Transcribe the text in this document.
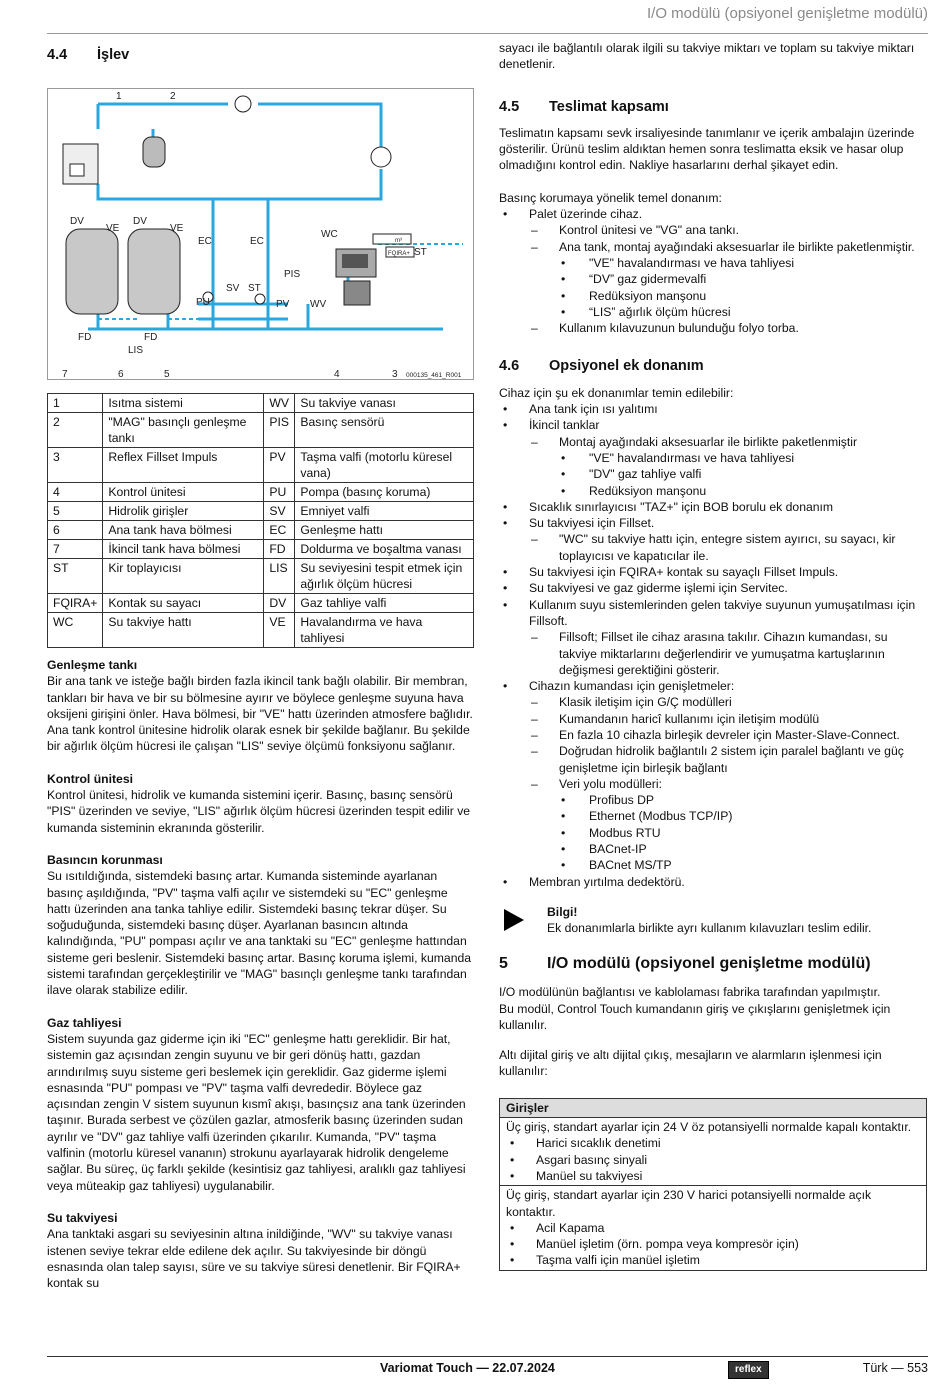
I/O modülü (opsiyonel genişletme modülü)
4.4 İşlev
1	2
DV
VE
DV
VE
EC	EC
WC
PIS
SV ST
PU	PV WV
FD	FD
LIS
FQIRA+ ST
m³
7	6	5	4	3 000135_461_R001
1	Isıtma sistemi	WV	Su takviye vanası
2	"MAG" basınçlı genleşme tankı	PIS	Basınç sensörü
3	Reflex Fillset Impuls	PV	Taşma valfi (motorlu küresel vana)
4	Kontrol ünitesi	PU	Pompa (basınç koruma)
5	Hidrolik girişler	SV	Emniyet valfi
6	Ana tank hava bölmesi	EC	Genleşme hattı
7	İkincil tank hava bölmesi	FD	Doldurma ve boşaltma vanası
ST	Kir toplayıcısı	LIS	Su seviyesini tespit etmek için ağırlık ölçüm hücresi
FQIRA+	Kontak su sayacı	DV	Gaz tahliye valfi
WC	Su takviye hattı	VE	Havalandırma ve hava tahliyesi

Genleşme tankı

Bir ana tank ve isteğe bağlı birden fazla ikincil tank bağlı olabilir. Bir membran, tankları bir hava ve bir su bölmesine ayırır ve böylece genleşme suyuna hava oksijeni girişini önler. Hava bölmesi, bir "VE" hattı üzerinden atmosfere bağlıdır. Ana tank kontrol ünitesine hidrolik olarak esnek bir şekilde bağlanır. Bu şekilde bir ağırlık ölçüm hücresi ile çalışan "LIS" seviye ölçümü fonksiyonu sağlanır.

Kontrol ünitesi

Kontrol ünitesi, hidrolik ve kumanda sistemini içerir. Basınç, basınç sensörü "PIS" üzerinden ve seviye, "LIS" ağırlık ölçüm hücresi üzerinden tespit edilir ve kumanda sisteminin ekranında gösterilir.

Basıncın korunması

Su ısıtıldığında, sistemdeki basınç artar. Kumanda sisteminde ayarlanan basınç aşıldığında, "PV" taşma valfi açılır ve sistemdeki su "EC" genleşme hattı üzerinden ana tanka tahliye edilir. Sistemdeki basınç tekrar düşer. Su soğuduğunda, sistemdeki basınç düşer. Ayarlanan basıncın altında kalındığında, "PU" pompası açılır ve ana tanktaki su "EC" genleşme hattından sisteme geri beslenir. Sistemdeki basınç artar. Basınç koruma işlemi, kumanda sistemi tarafından gerçekleştirilir ve "MAG" basınçlı genleşme tankı tarafından ilave olarak stabilize edilir.

Gaz tahliyesi

Sistem suyunda gaz giderme için iki "EC" genleşme hattı gereklidir. Bir hat, sistemin gaz açısından zengin suyunu ve bir geri dönüş hattı, gazdan arındırılmış suyu sisteme geri beslemek için gereklidir. Gaz giderme işlemi esnasında "PU" pompası ve "PV" taşma valfi devrededir. Böylece gaz açısından zengin V sistem suyunun kısmî akışı, basınçsız ana tank üzerinden taşınır. Burada serbest ve çözülen gazlar, atmosferik basınç üzerinden sudan ayrılır ve "DV" gaz tahliye valfi üzerinden çıkarılır. Kumanda, "PV" taşma valfinin (motorlu küresel vananın) strokunu ayarlayarak hidrolik dengeleme sağlar. Bu süreç, üç farklı şekilde (kesintisiz gaz tahliyesi, aralıklı gaz tahliyesi veya müteakip gaz tahliyesi) uygulanabilir.

Su takviyesi

Ana tanktaki asgari su seviyesinin altına inildiğinde, "WV" su takviye vanası istenen seviye tekrar elde edilene dek açılır. Su takviyesinde bir döngü esnasında olan talep sayısı, süre ve su takviye süresi denetlenir. Bir FQIRA+ kontak su

sayacı ile bağlantılı olarak ilgili su takviye miktarı ve toplam su takviye miktarı denetlenir.

4.5 Teslimat kapsamı

Teslimatın kapsamı sevk irsaliyesinde tanımlanır ve içerik ambalajın üzerinde gösterilir. Ürünü teslim aldıktan hemen sonra teslimatta eksik ve hasar olup olmadığını kontrol edin. Nakliye hasarlarını derhal şikayet edin.

Basınç korumaya yönelik temel donanım:

• Palet üzerinde cihaz.
– Kontrol ünitesi ve "VG" ana tankı.
– Ana tank, montaj ayağındaki aksesuarlar ile birlikte paketlenmiştir.
• "VE" havalandırması ve hava tahliyesi
• “DV” gaz gidermevalfi
• Redüksiyon manşonu
• “LIS” ağırlık ölçüm hücresi
– Kullanım kılavuzunun bulunduğu folyo torba.
4.6 Opsiyonel ek donanım

Cihaz için şu ek donanımlar temin edilebilir:

• Ana tank için ısı yalıtımı
• İkincil tanklar
– Montaj ayağındaki aksesuarlar ile birlikte paketlenmiştir
• "VE" havalandırması ve hava tahliyesi
• "DV" gaz tahliye valfi
• Redüksiyon manşonu
• Sıcaklık sınırlayıcısı "TAZ+" için BOB borulu ek donanım
• Su takviyesi için Fillset.
– "WC" su takviye hattı için, entegre sistem ayırıcı, su sayacı, kir toplayıcısı ve kapatıcılar ile.
• Su takviyesi için FQIRA+ kontak su sayaçlı Fillset Impuls.
• Su takviyesi ve gaz giderme işlemi için Servitec.
• Kullanım suyu sistemlerinden gelen takviye suyunun yumuşatılması için Fillsoft.
– Fillsoft; Fillset ile cihaz arasına takılır. Cihazın kumandası, su takviye miktarlarını değerlendirir ve yumuşatma kartuşlarının değişmesi gerektiğini gösterir.
• Cihazın kumandası için genişletmeler:
– Klasik iletişim için G/Ç modülleri
– Kumandanın haricî kullanımı için iletişim modülü
– En fazla 10 cihazla birleşik devreler için Master-Slave-Connect.
– Doğrudan hidrolik bağlantılı 2 sistem için paralel bağlantı ve güç genişletme için birleşik bağlantı
– Veri yolu modülleri:
• Profibus DP
• Ethernet (Modbus TCP/IP)
• Modbus RTU
• BACnet-IP
• BACnet MS/TP
• Membran yırtılma dedektörü.

Bilgi!

Ek donanımlarla birlikte ayrı kullanım kılavuzları teslim edilir.

5 I/O modülü (opsiyonel genişletme modülü)

I/O modülünün bağlantısı ve kablolaması fabrika tarafından yapılmıştır.

Bu modül, Control Touch kumandanın giriş ve çıkışlarını genişletmek için kullanılır.

Altı dijital giriş ve altı dijital çıkış, mesajların ve alarmların işlenmesi için kullanılır:

Girişler

Üç giriş, standart ayarlar için 24 V öz potansiyelli normalde kapalı kontaktır.

• Harici sıcaklık denetimi
• Asgari basınç sinyali
• Manüel su takviyesi

Üç giriş, standart ayarlar için 230 V harici potansiyelli normalde açık kontaktır.

• Acil Kapama
• Manüel işletim (örn. pompa veya kompresör için)
• Taşma valfi için manüel işletim
Variomat Touch — 22.07.2024	reflex	Türk — 553
